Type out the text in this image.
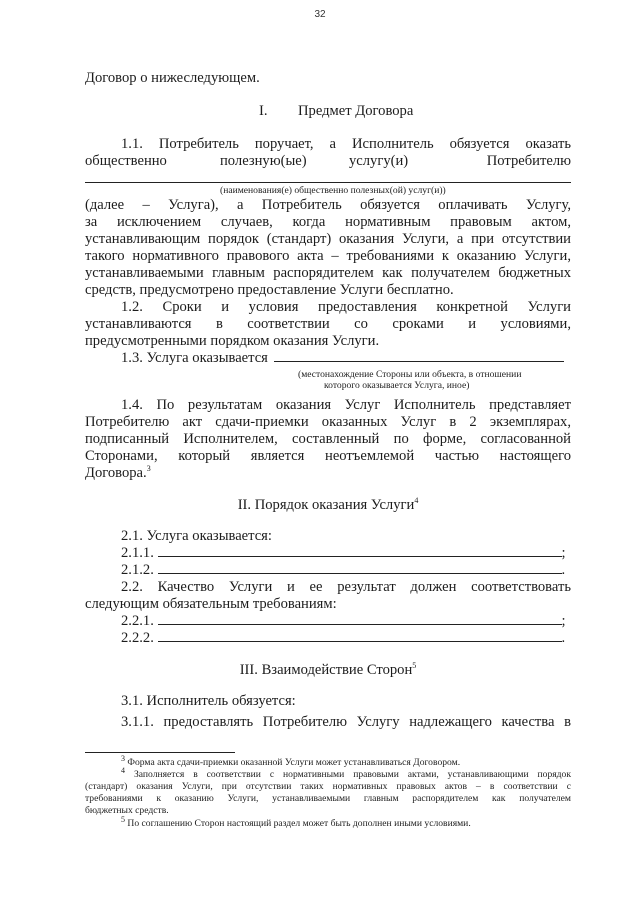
32
Договор о нижеследующем.
I. Предмет Договора
1.1. Потребитель поручает, а Исполнитель обязуется оказать
общественно	полезную(ые)	услугу(и)	Потребителю
(наименования(е) общественно полезных(ой) услуг(и))
(далее – Услуга), а Потребитель обязуется оплачивать Услугу,
за исключением случаев, когда нормативным правовым актом,
устанавливающим порядок (стандарт) оказания Услуги, а при отсутствии
такого нормативного правового акта – требованиями к оказанию Услуги,
устанавливаемыми главным распорядителем как получателем бюджетных
средств, предусмотрено предоставление Услуги бесплатно.
1.2. Сроки и условия предоставления конкретной Услуги
устанавливаются в соответствии со сроками и условиями,
предусмотренными порядком оказания Услуги.
1.3. Услуга оказывается
(местонахождение Стороны или объекта, в отношении
которого оказывается Услуга, иное)
1.4. По результатам оказания Услуг Исполнитель представляет
Потребителю акт сдачи-приемки оказанных Услуг в 2 экземплярах,
подписанный Исполнителем, составленный по форме, согласованной
Сторонами, который является неотъемлемой частью настоящего
Договора.$^3$
II. Порядок оказания Услуги$^4$
2.1. Услуга оказывается:
2.1.1.	;
2.1.2.	.
2.2. Качество Услуги и ее результат должен соответствовать
следующим обязательным требованиям:
2.2.1.	;
2.2.2.	.
III. Взаимодействие Сторон$^5$
3.1. Исполнитель обязуется:
3.1.1. предоставлять Потребителю Услугу надлежащего качества в
$^3$ Форма акта сдачи-приемки оказанной Услуги может устанавливаться Договором.
$^4$ Заполняется в соответствии с нормативными правовыми актами, устанавливающими порядок
(стандарт) оказания Услуги, при отсутствии таких нормативных правовых актов – в соответствии с
требованиями к оказанию Услуги, устанавливаемыми главным распорядителем как получателем
бюджетных средств.
$^5$ По соглашению Сторон настоящий раздел может быть дополнен иными условиями.
